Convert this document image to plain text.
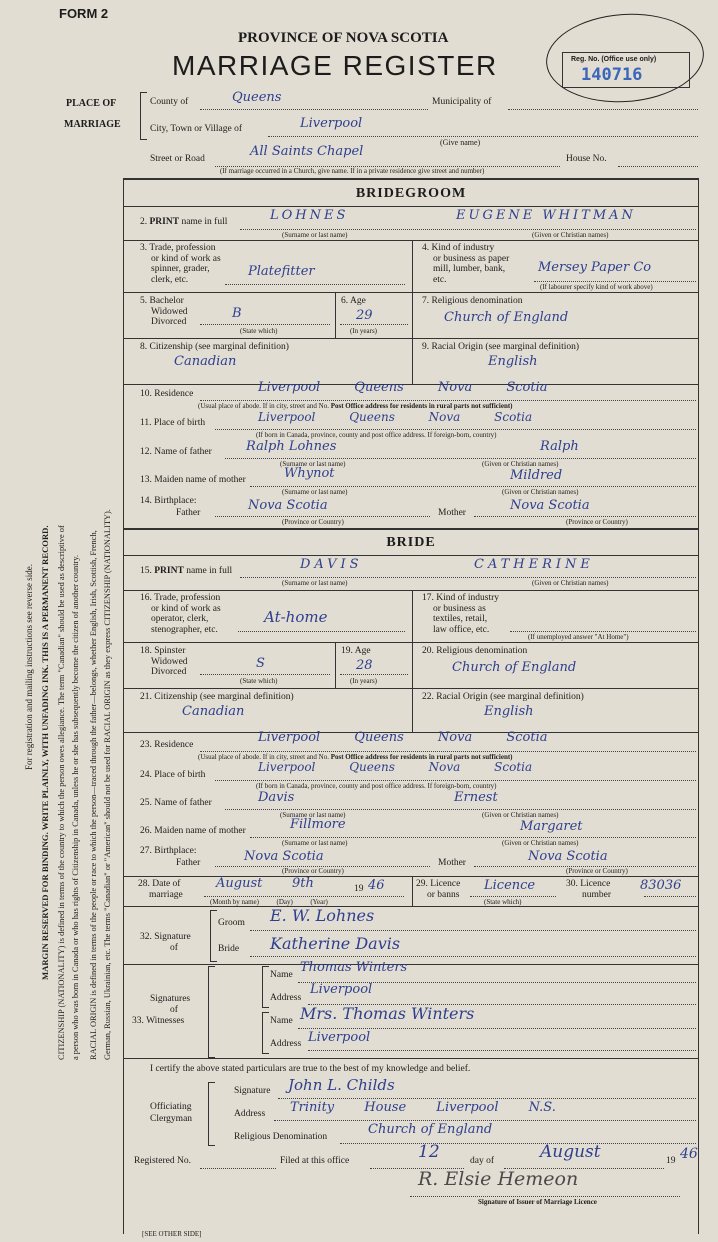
For registration and mailing instructions see reverse side. MARGIN RESERVED FOR BINDING. WRITE PLAINLY, WITH UNFADING INK. THIS IS A PERMANENT RECORD. CITIZENSHIP (NATIONALITY) is defined in terms of the country to which the person owes allegiance. The term "Canadian" should be used as descriptive of a person who was born in Canada or who has rights of Citizenship in Canada, unless he or she has subsequently become the citizen of another country. RACIAL ORIGIN is defined in terms of the people or race to which the person—traced through the father—belongs, whether English, Irish, Scottish, French, German, Russian, Ukrainian, etc. The terms "Canadian" or "American" should not be used for RACIAL ORIGIN as they express CITIZENSHIP (NATIONALITY).
FORM 2
PROVINCE OF NOVA SCOTIA
MARRIAGE REGISTER	Reg. No. (Office use only)
140716
PLACE OF
MARRIAGE
County of	Queens	Municipality of
City, Town or Village of	Liverpool
(Give name)
Street or Road	All Saints Chapel	House No.
(If marriage occurred in a Church, give name. If in a private residence give street and number)
BRIDEGROOM
2. PRINT name in full	LOHNES	EUGENE WHITMAN
(Surname or last name)	(Given or Christian names)
3. Trade, profession
or kind of work as
spinner, grader,
clerk, etc.
Platefitter
4. Kind of industry
or business as paper
mill, lumber, bank,
etc.
Mersey Paper Co
(If labourer specify kind of work above)
5. Bachelor
Widowed
Divorced
B
(State which)
6. Age
29
(In years)
7. Religious denomination
Church of England
8. Citizenship (see marginal definition)
Canadian
9. Racial Origin (see marginal definition)
English
10. Residence	Liverpool Queens Nova Scotia
(Usual place of abode. If in city, street and No. Post Office address for residents in rural parts not sufficient)
11. Place of birth	Liverpool Queens Nova Scotia
(If born in Canada, province, county and post office address. If foreign-born, country)
12. Name of father	Ralph Lohnes	Ralph
(Surname or last name)	(Given or Christian names)
13. Maiden name of mother	Whynot	Mildred
(Surname or last name)	(Given or Christian names)
14. Birthplace:
Father	Nova Scotia	Mother	Nova Scotia
(Province or Country)	(Province or Country)
BRIDE
15. PRINT name in full	DAVIS	CATHERINE
(Surname or last name)	(Given or Christian names)
16. Trade, profession
or kind of work as
operator, clerk,
stenographer, etc.
At-home
17. Kind of industry
or business as
textiles, retail,
law office, etc.
(If unemployed answer "At Home")
18. Spinster
Widowed
Divorced
S
(State which)
19. Age
28
(In years)
20. Religious denomination
Church of England
21. Citizenship (see marginal definition)
Canadian
22. Racial Origin (see marginal definition)
English
23. Residence	Liverpool Queens Nova Scotia
(Usual place of abode. If in city, street and No. Post Office address for residents in rural parts not sufficient)
24. Place of birth
Liverpool Queens Nova Scotia
(If born in Canada, province, county and post office address. If foreign-born, country)
25. Name of father	Davis	Ernest
(Surname or last name)	(Given or Christian names)
26. Maiden name of mother	Fillmore	Margaret
(Surname or last name)	(Given or Christian names)
27. Birthplace:
Father	Nova Scotia	Mother	Nova Scotia
(Province or Country)	(Province or Country)
28. Date of
marriage
August 9th	19 46
(Month by name)          (Day)          (Year)
29. Licence
or banns
Licence
(State which)
30. Licence
number
83036
32. Signature
of
Groom E. W. Lohnes
Bride Katherine Davis
Signatures
of
33. Witnesses
Name Thomas Winters
Address
Liverpool
Name Mrs. Thomas Winters
Address Liverpool
I certify the above stated particulars are true to the best of my knowledge and belief.
Officiating
Clergyman
Signature John L. Childs
Address Trinity House Liverpool N.S.
Religious Denomination	Church of England
Registered No.	Filed at this office	12	day of	August	19 46
R. Elsie Hemeon
Signature of Issuer of Marriage Licence
[SEE OTHER SIDE]
